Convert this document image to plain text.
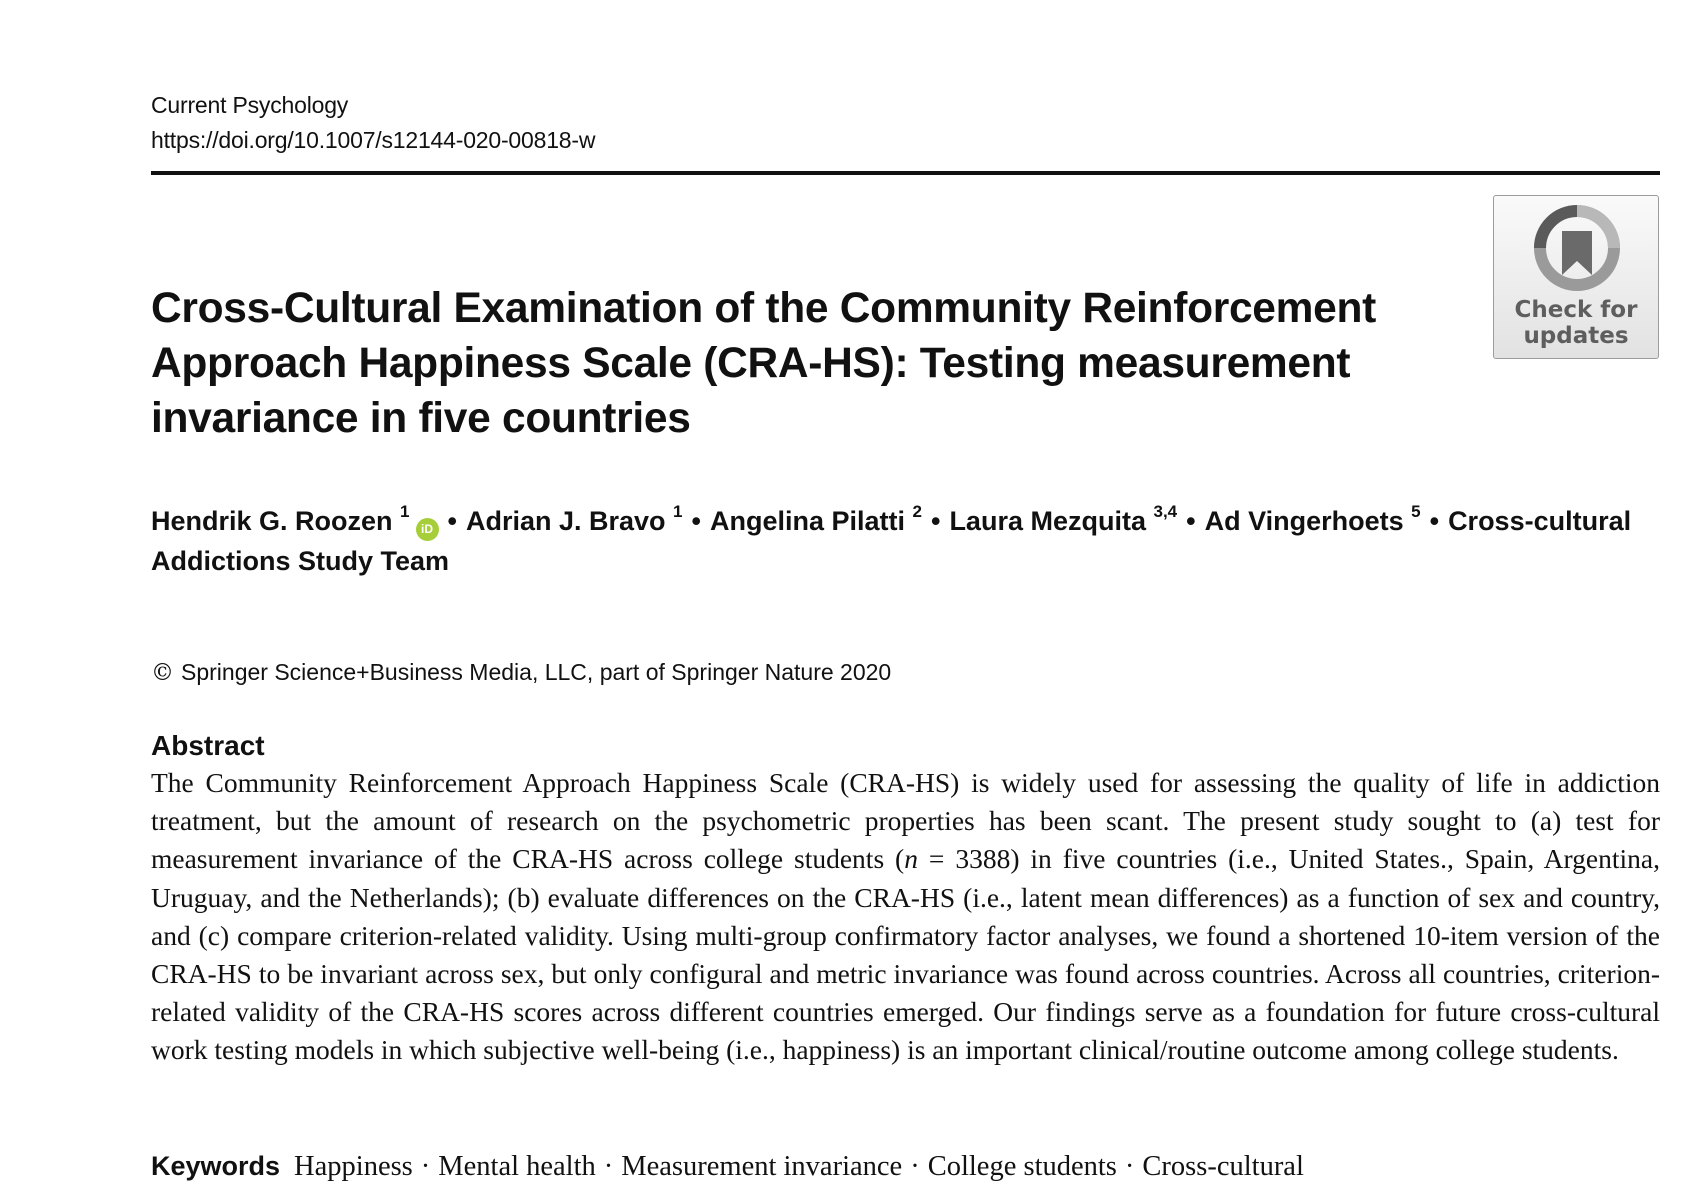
Current Psychology
https://doi.org/10.1007/s12144-020-00818-w
Check for
updates
Cross-Cultural Examination of the Community Reinforcement Approach Happiness Scale (CRA-HS): Testing measurement invariance in five countries
Hendrik G. Roozen $^1$iD • Adrian J. Bravo $^1$ • Angelina Pilatti $^2$ • Laura Mezquita $^{3,4}$ • Ad Vingerhoets $^5$ • Cross-cultural Addictions Study Team
© Springer Science+Business Media, LLC, part of Springer Nature 2020
Abstract

The Community Reinforcement Approach Happiness Scale (CRA-HS) is widely used for assessing the quality of life in addiction treatment, but the amount of research on the psychometric properties has been scant. The present study sought to (a) test for measurement invariance of the CRA-HS across college students (n = 3388) in five countries (i.e., United States., Spain, Argentina, Uruguay, and the Netherlands); (b) evaluate differences on the CRA-HS (i.e., latent mean differences) as a function of sex and country, and (c) compare criterion-related validity. Using multi-group confirmatory factor analyses, we found a shortened 10-item version of the CRA-HS to be invariant across sex, but only configural and metric invariance was found across countries. Across all countries, criterion-related validity of the CRA-HS scores across different countries emerged. Our findings serve as a foundation for future cross-cultural work testing models in which subjective well-being (i.e., happiness) is an important clinical/routine outcome among college students.

Keywords Happiness · Mental health · Measurement invariance · College students · Cross-cultural
